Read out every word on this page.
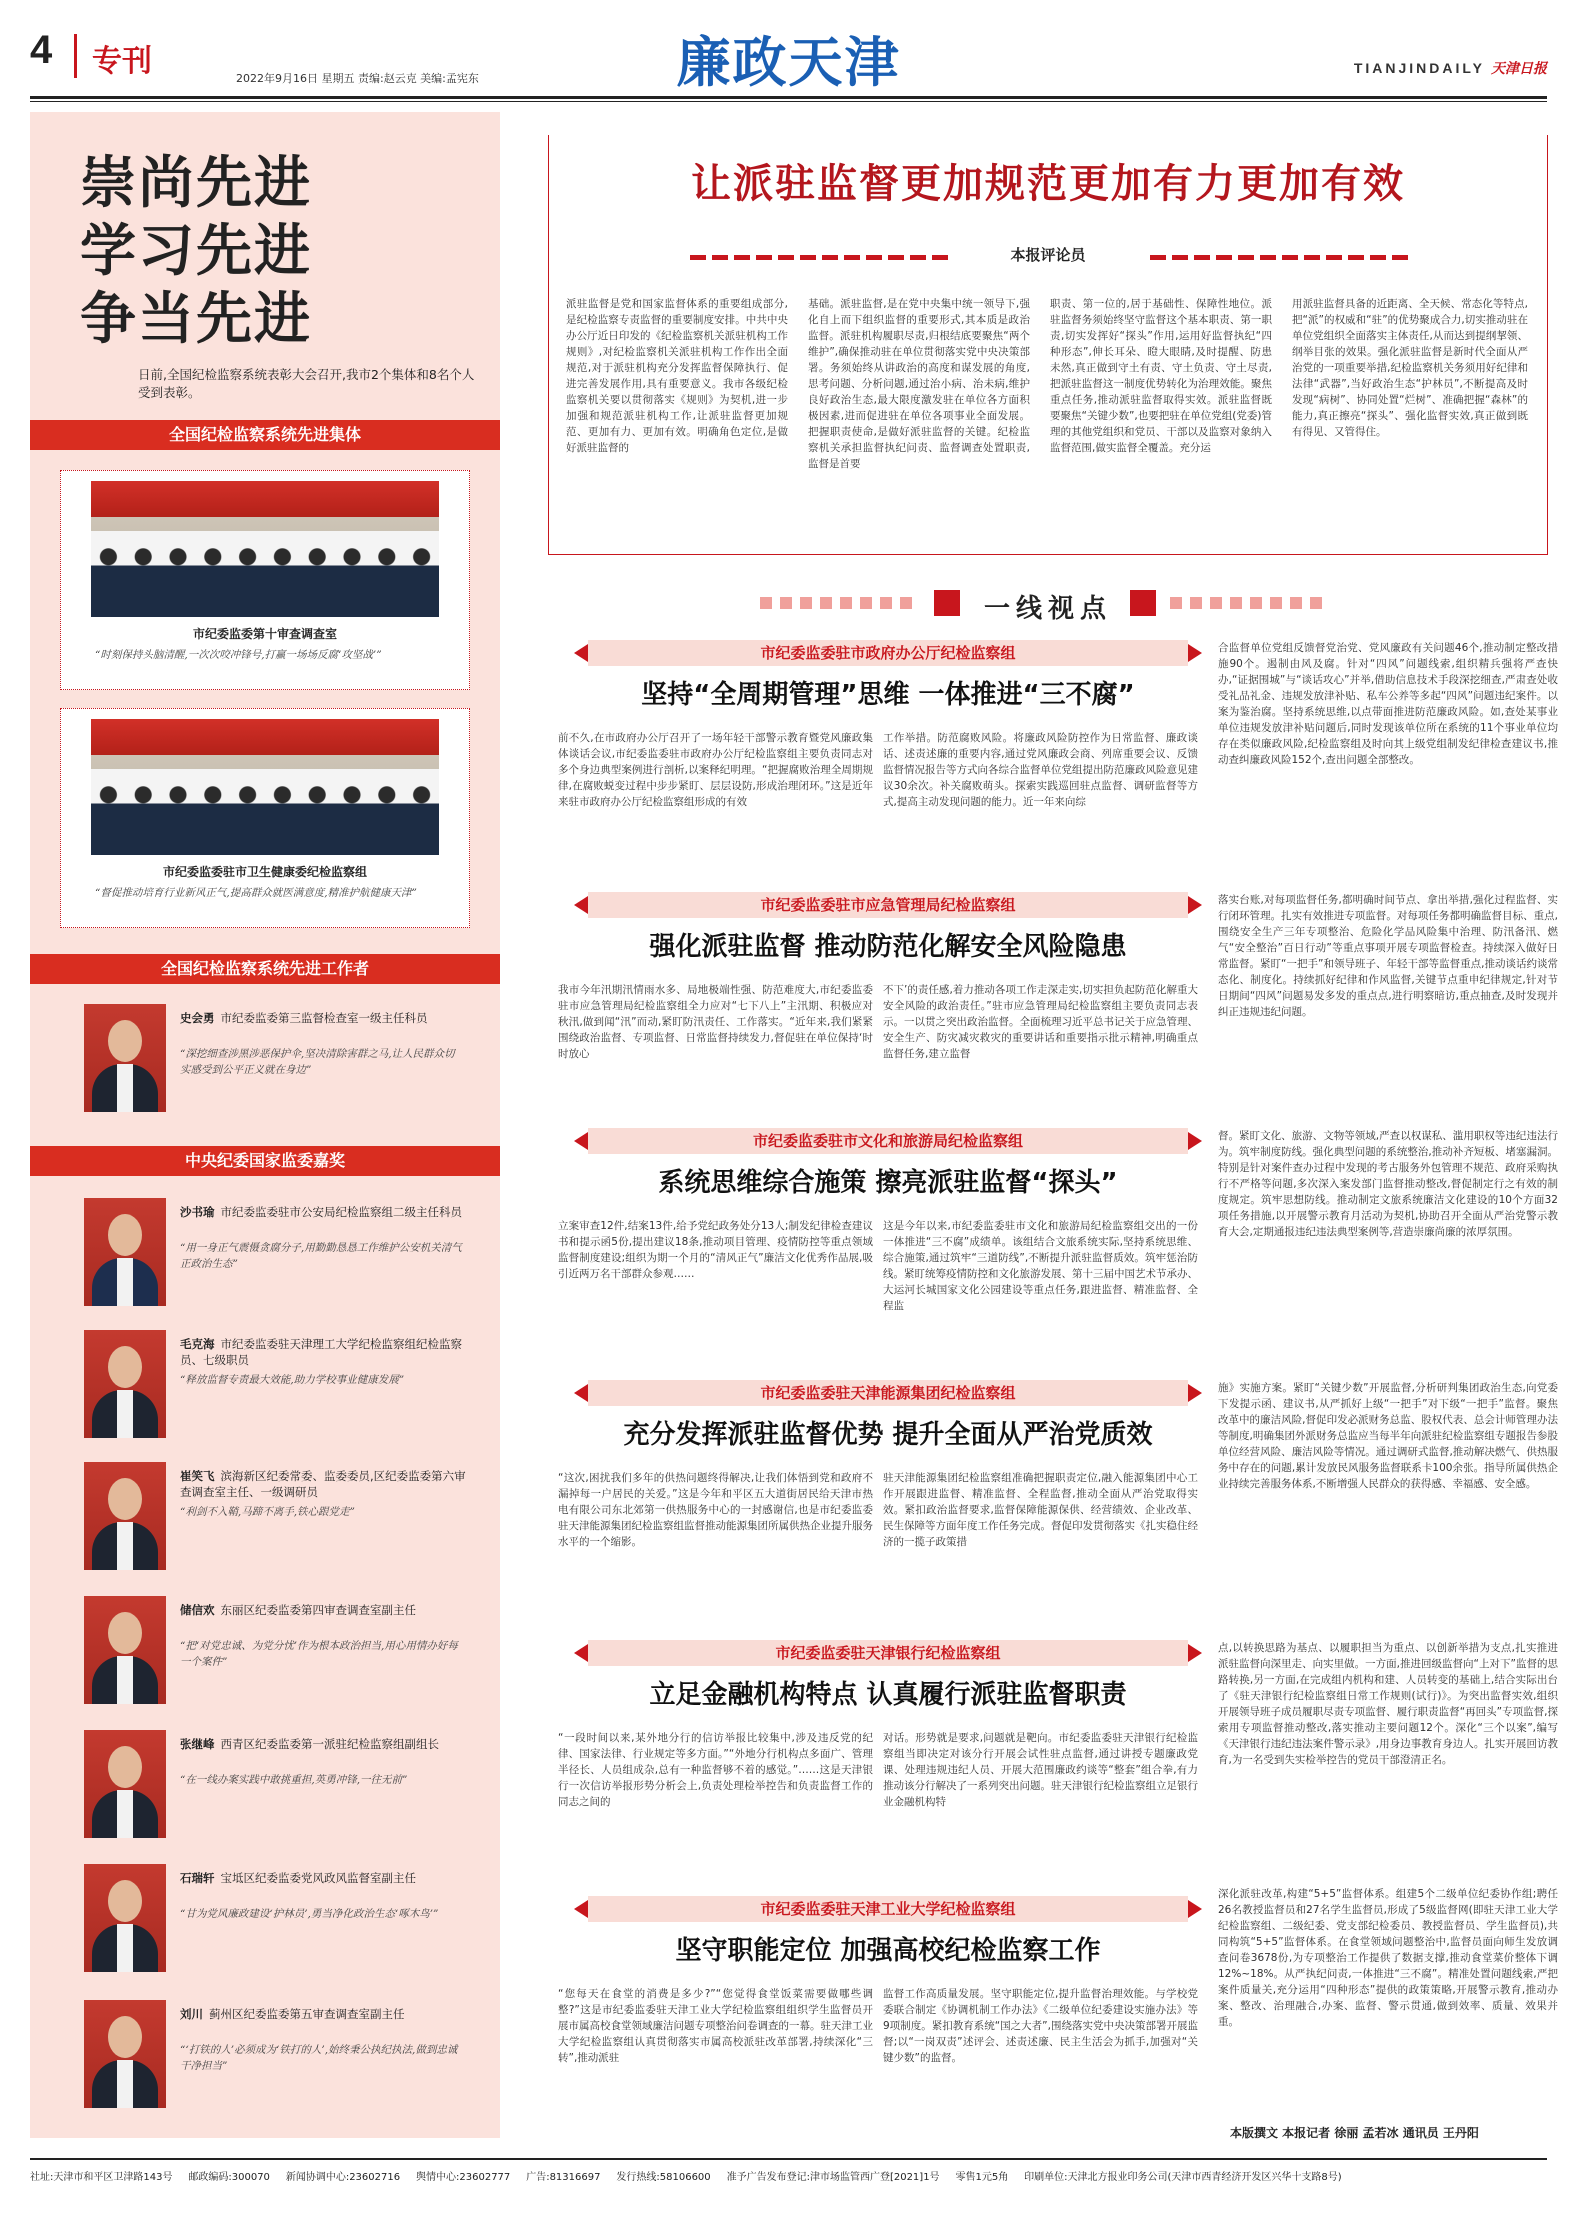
4 专刊	2022年9月16日 星期五 责编:赵云克 美编:孟宪东	廉政天津	TIANJINDAILY 天津日报
崇尚先进
学习先进
争当先进
日前,全国纪检监察系统表彰大会召开,我市2个集体和8名个人受到表彰。
全国纪检监察系统先进集体
市纪委监委第十审查调查室
“时刻保持头脑清醒,一次次咬冲锋号,打赢一场场反腐‘攻坚战’”
市纪委监委驻市卫生健康委纪检监察组
“督促推动培育行业新风正气,提高群众就医满意度,精准护航健康天津”
全国纪检监察系统先进工作者
史会勇 市纪委监委第三监督检查室一级主任科员
“深挖细查涉黑涉恶保护伞,坚决清除害群之马,让人民群众切实感受到公平正义就在身边”
中央纪委国家监委嘉奖
沙书瑜 市纪委监委驻市公安局纪检监察组二级主任科员
“用一身正气震慑贪腐分子,用勤勤恳恳工作维护公安机关清气正政治生态”
毛克海 市纪委监委驻天津理工大学纪检监察组纪检监察员、七级职员
“释放监督专责最大效能,助力学校事业健康发展”
崔笑飞 滨海新区纪委常委、监委委员,区纪委监委第六审查调查室主任、一级调研员
“利剑不入鞘,马蹄不离手,铁心跟党走”
储信欢 东丽区纪委监委第四审查调查室副主任
“把‘对党忠诚、为党分忧’作为根本政治担当,用心用情办好每一个案件”
张继峰 西青区纪委监委第一派驻纪检监察组副组长
“在一线办案实践中敢挑重担,英勇冲锋,一往无前”
石瑞轩 宝坻区纪委监委党风政风监督室副主任
“甘为党风廉政建设‘护林员’,勇当净化政治生态‘啄木鸟’”
刘川 蓟州区纪委监委第五审查调查室副主任
“‘打铁的人’必须成为‘铁打的人’,始终秉公执纪执法,做到忠诚干净担当”
让派驻监督更加规范更加有力更加有效
本报评论员
派驻监督是党和国家监督体系的重要组成部分,是纪检监察专责监督的重要制度安排。中共中央办公厅近日印发的《纪检监察机关派驻机构工作规则》,对纪检监察机关派驻机构工作作出全面规范,对于派驻机构充分发挥监督保障执行、促进完善发展作用,具有重要意义。我市各级纪检监察机关要以贯彻落实《规则》为契机,进一步加强和规范派驻机构工作,让派驻监督更加规范、更加有力、更加有效。明确角色定位,是做好派驻监督的
基础。派驻监督,是在党中央集中统一领导下,强化自上而下组织监督的重要形式,其本质是政治监督。派驻机构履职尽责,归根结底要聚焦“两个维护”,确保推动驻在单位贯彻落实党中央决策部署。务须始终从讲政治的高度和谋发展的角度,思考问题、分析问题,通过治小病、治未病,维护良好政治生态,最大限度激发驻在单位各方面积极因素,进而促进驻在单位各项事业全面发展。把握职责使命,是做好派驻监督的关键。纪检监察机关承担监督执纪问责、监督调查处置职责,监督是首要
职责、第一位的,居于基础性、保障性地位。派驻监督务须始终坚守监督这个基本职责、第一职责,切实发挥好“探头”作用,运用好监督执纪“四种形态”,伸长耳朵、瞪大眼睛,及时提醒、防患未然,真正做到守土有责、守土负责、守土尽责,把派驻监督这一制度优势转化为治理效能。聚焦重点任务,推动派驻监督取得实效。派驻监督既要聚焦“关键少数”,也要把驻在单位党组(党委)管理的其他党组织和党员、干部以及监察对象纳入监督范围,做实监督全覆盖。充分运
用派驻监督具备的近距离、全天候、常态化等特点,把“派”的权威和“驻”的优势聚成合力,切实推动驻在单位党组织全面落实主体责任,从而达到提纲挈领、纲举目张的效果。强化派驻监督是新时代全面从严治党的一项重要举措,纪检监察机关务须用好纪律和法律“武器”,当好政治生态“护林员”,不断提高及时发现“病树”、协同处置“烂树”、准确把握“森林”的能力,真正擦亮“探头”、强化监督实效,真正做到既有得见、又管得住。
一线视点
市纪委监委驻市政府办公厅纪检监察组
坚持“全周期管理”思维 一体推进“三不腐”
前不久,在市政府办公厅召开了一场年轻干部警示教育暨党风廉政集体谈话会议,市纪委监委驻市政府办公厅纪检监察组主要负责同志对多个身边典型案例进行剖析,以案释纪明理。“把握腐败治理全周期规律,在腐败蜕变过程中步步紧盯、层层设防,形成治理闭环。”这是近年来驻市政府办公厅纪检监察组形成的有效
工作举措。防范腐败风险。将廉政风险防控作为日常监督、廉政谈话、述责述廉的重要内容,通过党风廉政会商、列席重要会议、反馈监督情况报告等方式向各综合监督单位党组提出防范廉政风险意见建议30余次。补关腐败萌头。探索实践巡回驻点监督、调研监督等方式,提高主动发现问题的能力。近一年来向综
合监督单位党组反馈督党治党、党风廉政有关问题46个,推动制定整改措施90个。遏制由风及腐。针对“四风”问题线索,组织精兵强将严查快办,“证据围城”与“谈话攻心”并举,借助信息技术手段深挖细查,严肃查处收受礼品礼金、违规发放津补贴、私车公养等多起“四风”问题违纪案件。以案为鉴治腐。坚持系统思维,以点带面推进防范廉政风险。如,查处某事业单位违规发放津补贴问题后,同时发现该单位所在系统的11个事业单位均存在类似廉政风险,纪检监察组及时向其上级党组制发纪律检查建议书,推动查纠廉政风险152个,查出问题全部整改。
市纪委监委驻市应急管理局纪检监察组
强化派驻监督 推动防范化解安全风险隐患
我市今年汛期汛情雨水多、局地极端性强、防范难度大,市纪委监委驻市应急管理局纪检监察组全力应对“七下八上”主汛期、积极应对秋汛,做到闻“汛”而动,紧盯防汛责任、工作落实。“近年来,我们紧紧围绕政治监督、专项监督、日常监督持续发力,督促驻在单位保持‘时时放心
不下’的责任感,着力推动各项工作走深走实,切实担负起防范化解重大安全风险的政治责任。”驻市应急管理局纪检监察组主要负责同志表示。一以贯之突出政治监督。全面梳理习近平总书记关于应急管理、安全生产、防灾减灾救灾的重要讲话和重要指示批示精神,明确重点监督任务,建立监督
落实台账,对每项监督任务,都明确时间节点、拿出举措,强化过程监督、实行闭环管理。扎实有效推进专项监督。对每项任务都明确监督目标、重点,围绕安全生产三年专项整治、危险化学品风险集中治理、防汛备汛、燃气“安全整治”百日行动”等重点事项开展专项监督检查。持续深入做好日常监督。紧盯“一把手”和领导班子、年轻干部等监督重点,推动谈话约谈常态化、制度化。持续抓好纪律和作风监督,关键节点重申纪律规定,针对节日期间“四风”问题易发多发的重点点,进行明察暗访,重点抽查,及时发现并纠正违规违纪问题。
市纪委监委驻市文化和旅游局纪检监察组
系统思维综合施策 擦亮派驻监督“探头”
立案审查12件,结案13件,给予党纪政务处分13人;制发纪律检查建议书和提示函5份,提出建议18条,推动项目管理、疫情防控等重点领域监督制度建设;组织为期一个月的“清风正气”廉洁文化优秀作品展,吸引近两万名干部群众参观……
这是今年以来,市纪委监委驻市文化和旅游局纪检监察组交出的一份一体推进“三不腐”成绩单。该组结合文旅系统实际,坚持系统思维、综合施策,通过筑牢“三道防线”,不断提升派驻监督质效。筑牢惩治防线。紧盯统筹疫情防控和文化旅游发展、第十三届中国艺术节承办、大运河长城国家文化公园建设等重点任务,跟进监督、精准监督、全程监
督。紧盯文化、旅游、文物等领域,严查以权谋私、滥用职权等违纪违法行为。筑牢制度防线。强化典型问题的系统整治,推动补齐短板、堵塞漏洞。特别是针对案件查办过程中发现的考古服务外包管理不规范、政府采购执行不严格等问题,多次深入案发部门监督推动整改,督促制定行之有效的制度规定。筑牢思想防线。推动制定文旅系统廉洁文化建设的10个方面32项任务措施,以开展警示教育月活动为契机,协助召开全面从严治党警示教育大会,定期通报违纪违法典型案例等,营造崇廉尚廉的浓厚氛围。
市纪委监委驻天津能源集团纪检监察组
充分发挥派驻监督优势 提升全面从严治党质效
“这次,困扰我们多年的供热问题终得解决,让我们体悟到党和政府不漏掉每一户居民的关爱。”这是今年和平区五大道街居民给天津市热电有限公司东北郊第一供热服务中心的一封感谢信,也是市纪委监委驻天津能源集团纪检监察组监督推动能源集团所属供热企业提升服务水平的一个缩影。
驻天津能源集团纪检监察组准确把握职责定位,融入能源集团中心工作开展跟进监督、精准监督、全程监督,推动全面从严治党取得实效。紧扣政治监督要求,监督保障能源保供、经营绩效、企业改革、民生保障等方面年度工作任务完成。督促印发贯彻落实《扎实稳住经济的一揽子政策措
施》实施方案。紧盯“关键少数”开展监督,分析研判集团政治生态,向党委下发提示函、建议书,从严抓好上级“一把手”对下级“一把手”监督。聚焦改革中的廉洁风险,督促印发必派财务总监、股权代表、总会计师管理办法等制度,明确集团外派财务总监应当每半年向派驻纪检监察组专题报告参股单位经营风险、廉洁风险等情况。通过调研式监督,推动解决燃气、供热服务中存在的问题,累计发放民风服务监督联系卡100余张。指导所属供热企业持续完善服务体系,不断增强人民群众的获得感、幸福感、安全感。
市纪委监委驻天津银行纪检监察组
立足金融机构特点 认真履行派驻监督职责
“一段时间以来,某外地分行的信访举报比较集中,涉及违反党的纪律、国家法律、行业规定等多方面。”“外地分行机构点多面广、管理半径长、人员组成杂,总有一种监督够不着的感觉。”……这是天津银行一次信访举报形势分析会上,负责处理检举控告和负责监督工作的同志之间的
对话。形势就是要求,问题就是靶向。市纪委监委驻天津银行纪检监察组当即决定对该分行开展会试性驻点监督,通过讲授专题廉政党课、处理违规违纪人员、开展大范围廉政约谈等“整套”组合拳,有力推动该分行解决了一系列突出问题。驻天津银行纪检监察组立足银行业金融机构特
点,以转换思路为基点、以履职担当为重点、以创新举措为支点,扎实推进派驻监督向深里走、向实里做。一方面,推进回级监督向“上对下”监督的思路转换,另一方面,在完成组内机构和建、人员转变的基础上,结合实际出台了《驻天津银行纪检监察组日常工作规则(试行)》。为突出监督实效,组织开展领导班子成员履职尽责专项监督、履行职责监督“再回头”专项监督,探索用专项监督推动整改,落实推动主要问题12个。深化“三个以案”,编写《天津银行违纪违法案件警示录》,用身边事教育身边人。扎实开展回访教育,为一名受到失实检举控告的党员干部澄清正名。
市纪委监委驻天津工业大学纪检监察组
坚守职能定位 加强高校纪检监察工作
“您每天在食堂的消费是多少?”“您觉得食堂饭菜需要做哪些调整?”这是市纪委监委驻天津工业大学纪检监察组组织学生监督员开展市属高校食堂领域廉洁问题专项整治问卷调查的一幕。驻天津工业大学纪检监察组认真贯彻落实市属高校派驻改革部署,持续深化“三转”,推动派驻
监督工作高质量发展。坚守职能定位,提升监督治理效能。与学校党委联合制定《协调机制工作办法》《二级单位纪委建设实施办法》等9项制度。紧扣教育系统“国之大者”,围绕落实党中央决策部署开展监督;以“一岗双责”述评会、述责述廉、民主生活会为抓手,加强对“关键少数”的监督。
深化派驻改革,构建“5+5”监督体系。组建5个二级单位纪委协作组;聘任26名教授监督员和27名学生监督员,形成了5级监督网(即驻天津工业大学纪检监察组、二级纪委、党支部纪检委员、教授监督员、学生监督员),共同构筑“5+5”监督体系。在食堂领域问题整治中,监督员面向师生发放调查问卷3678份,为专项整治工作提供了数据支撑,推动食堂菜价整体下调12%~18%。从严执纪问责,一体推进“三不腐”。精准处置问题线索,严把案件质量关,充分运用“四种形态”提供的政策策略,开展警示教育,推动办案、整改、治理融合,办案、监督、警示贯通,做到效率、质量、效果并重。
本版撰文 本报记者 徐丽 孟若冰 通讯员 王丹阳
社址:天津市和平区卫津路143号 邮政编码:300070 新闻协调中心:23602716 舆情中心:23602777 广告:81316697 发行热线:58106600 准予广告发布登记:津市场监管西广登[2021]1号 零售1元5角 印刷单位:天津北方报业印务公司(天津市西青经济开发区兴华十支路8号)
